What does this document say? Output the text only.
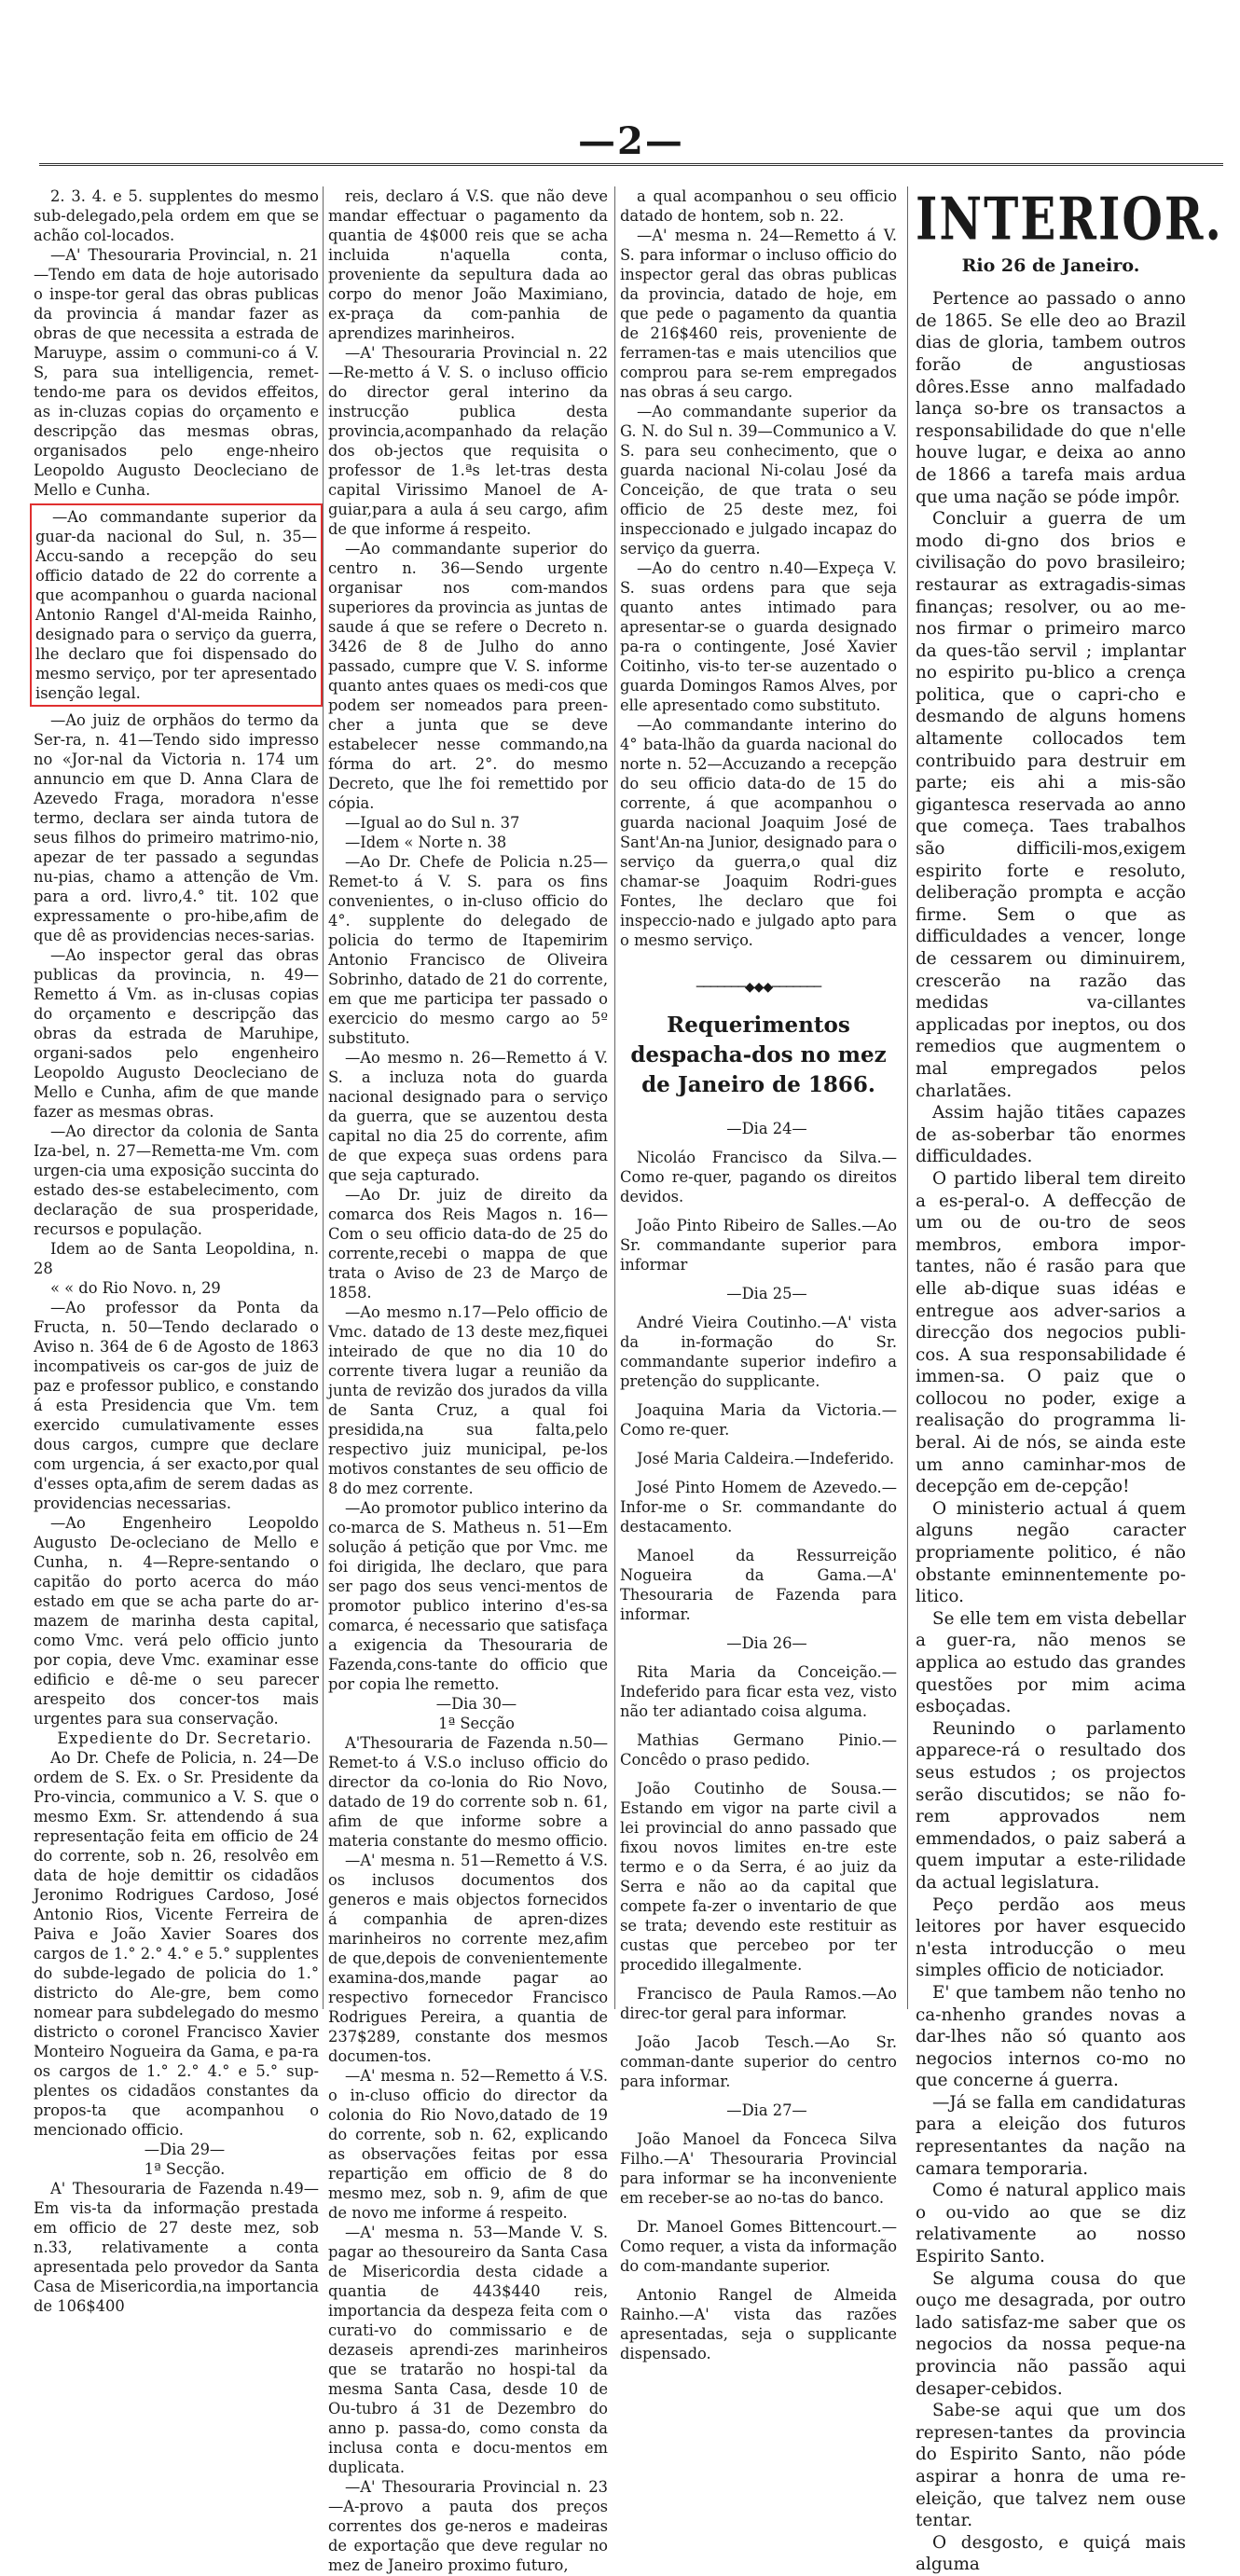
—2—

2. 3. 4. e 5. supplentes do mesmo sub-delegado,pela ordem em que se achão col-locados.

—A' Thesouraria Provincial, n. 21—Tendo em data de hoje autorisado o inspe-tor geral das obras publicas da provincia á mandar fazer as obras de que necessita a estrada de Maruype, assim o communi-co á V. S, para sua intelligencia, remet-tendo-me para os devidos effeitos, as in-cluzas copias do orçamento e descripção das mesmas obras, organisados pelo enge-nheiro Leopoldo Augusto Deocleciano de Mello e Cunha.

—Ao commandante superior da guar-da nacional do Sul, n. 35—Accu-sando a recepção do seu officio datado de 22 do corrente a que acompanhou o guarda nacional Antonio Rangel d'Al-meida Rainho, designado para o serviço da guerra, lhe declaro que foi dispensado do mesmo serviço, por ter apresentado isenção legal.

—Ao juiz de orphãos do termo da Ser-ra, n. 41—Tendo sido impresso no «Jor-nal da Victoria n. 174 um annuncio em que D. Anna Clara de Azevedo Fraga, moradora n'esse termo, declara ser ainda tutora de seus filhos do primeiro matrimo-nio, apezar de ter passado a segundas nu-pias, chamo a attenção de Vm. para a ord. livro,4.° tit. 102 que expressamente o pro-hibe,afim de que dê as providencias neces-sarias.

—Ao inspector geral das obras publicas da provincia, n. 49—Remetto á Vm. as in-clusas copias do orçamento e descripção das obras da estrada de Maruhipe, organi-sados pelo engenheiro Leopoldo Augusto Deocleciano de Mello e Cunha, afim de que mande fazer as mesmas obras.

—Ao director da colonia de Santa Iza-bel, n. 27—Remetta-me Vm. com urgen-cia uma exposição succinta do estado des-se estabelecimento, com declaração de sua prosperidade, recursos e população.

Idem ao de Santa Leopoldina, n. 28

« « do Rio Novo. n, 29

—Ao professor da Ponta da Fructa, n. 50—Tendo declarado o Aviso n. 364 de 6 de Agosto de 1863 incompativeis os car-gos de juiz de paz e professor publico, e constando á esta Presidencia que Vm. tem exercido cumulativamente esses dous cargos, cumpre que declare com urgencia, á ser exacto,por qual d'esses opta,afim de serem dadas as providencias necessarias.

—Ao Engenheiro Leopoldo Augusto De-ocleciano de Mello e Cunha, n. 4—Repre-sentando o capitão do porto acerca do máo estado em que se acha parte do ar-mazem de marinha desta capital, como Vmc. verá pelo officio junto por copia, deve Vmc. examinar esse edificio e dê-me o seu parecer arespeito dos concer-tos mais urgentes para sua conservação.

Expediente do Dr. Secretario.

Ao Dr. Chefe de Policia, n. 24—De ordem de S. Ex. o Sr. Presidente da Pro-vincia, communico a V. S. que o mesmo Exm. Sr. attendendo á sua representação feita em officio de 24 do corrente, sob n. 26, resolvêo em data de hoje demittir os cidadãos Jeronimo Rodrigues Cardoso, José Antonio Rios, Vicente Ferreira de Paiva e João Xavier Soares dos cargos de 1.° 2.° 4.° e 5.° supplentes do subde-legado de policia do 1.° districto do Ale-gre, bem como nomear para subdelegado do mesmo districto o coronel Francisco Xavier Monteiro Nogueira da Gama, e pa-ra os cargos de 1.° 2.° 4.° e 5.° sup-plentes os cidadãos constantes da propos-ta que acompanhou o mencionado officio.

—Dia 29—

1ª Secção.

A' Thesouraria de Fazenda n.49—Em vis-ta da informação prestada em officio de 27 deste mez, sob n.33, relativamente a conta apresentada pelo provedor da Santa Casa de Misericordia,na importancia de 106$400

reis, declaro á V.S. que não deve mandar effectuar o pagamento da quantia de 4$000 reis que se acha incluida n'aquella conta, proveniente da sepultura dada ao corpo do menor João Maximiano, ex-praça da com-panhia de aprendizes marinheiros.

—A' Thesouraria Provincial n. 22—Re-metto á V. S. o incluso officio do director geral interino da instrucção publica desta provincia,acompanhado da relação dos ob-jectos que requisita o professor de 1.ªs let-tras desta capital Virissimo Manoel de A-guiar,para a aula á seu cargo, afim de que informe á respeito.

—Ao commandante superior do centro n. 36—Sendo urgente organisar nos com-mandos superiores da provincia as juntas de saude á que se refere o Decreto n. 3426 de 8 de Julho do anno passado, cumpre que V. S. informe quanto antes quaes os medi-cos que podem ser nomeados para preen-cher a junta que se deve estabelecer nesse commando,na fórma do art. 2°. do mesmo Decreto, que lhe foi remettido por cópia.

—Igual ao do Sul n. 37

—Idem « Norte n. 38

—Ao Dr. Chefe de Policia n.25—Remet-to á V. S. para os fins convenientes, o in-cluso officio do 4°. supplente do delegado de policia do termo de Itapemirim Antonio Francisco de Oliveira Sobrinho, datado de 21 do corrente, em que me participa ter passado o exercicio do mesmo cargo ao 5º substituto.

—Ao mesmo n. 26—Remetto á V. S. a incluza nota do guarda nacional designado para o serviço da guerra, que se auzentou desta capital no dia 25 do corrente, afim de que expeça suas ordens para que seja capturado.

—Ao Dr. juiz de direito da comarca dos Reis Magos n. 16—Com o seu officio data-do de 25 do corrente,recebi o mappa de que trata o Aviso de 23 de Março de 1858.

—Ao mesmo n.17—Pelo officio de Vmc. datado de 13 deste mez,fiquei inteirado de que no dia 10 do corrente tivera lugar a reunião da junta de revizão dos jurados da villa de Santa Cruz, a qual foi presidida,na sua falta,pelo respectivo juiz municipal, pe-los motivos constantes de seu officio de 8 do mez corrente.

—Ao promotor publico interino da co-marca de S. Matheus n. 51—Em solução á petição que por Vmc. me foi dirigida, lhe declaro, que para ser pago dos seus venci-mentos de promotor publico interino d'es-sa comarca, é necessario que satisfaça a exigencia da Thesouraria de Fazenda,cons-tante do officio que por copia lhe remetto.

—Dia 30—

1ª Secção

A'Thesouraria de Fazenda n.50—Remet-to á V.S.o incluso officio do director da co-lonia do Rio Novo, datado de 19 do corrente sob n. 61, afim de que informe sobre a materia constante do mesmo officio.

—A' mesma n. 51—Remetto á V.S. os inclusos documentos dos generos e mais objectos fornecidos á companhia de apren-dizes marinheiros no corrente mez,afim de que,depois de convenientemente examina-dos,mande pagar ao respectivo fornecedor Francisco Rodrigues Pereira, a quantia de 237$289, constante dos mesmos documen-tos.

—A' mesma n. 52—Remetto á V.S. o in-cluso officio do director da colonia do Rio Novo,datado de 19 do corrente, sob n. 62, explicando as observações feitas por essa repartição em officio de 8 do mesmo mez, sob n. 9, afim de que de novo me informe á respeito.

—A' mesma n. 53—Mande V. S. pagar ao thesoureiro da Santa Casa de Misericordia desta cidade a quantia de 443$440 reis, importancia da despeza feita com o curati-vo do commissario e de dezaseis aprendi-zes marinheiros que se tratarão no hospi-tal da mesma Santa Casa, desde 10 de Ou-tubro á 31 de Dezembro do anno p. passa-do, como consta da inclusa conta e docu-mentos em duplicata.

—A' Thesouraria Provincial n. 23—A-provo a pauta dos preços correntes dos ge-neros e madeiras de exportação que deve regular no mez de Janeiro proximo futuro,

a qual acompanhou o seu officio datado de hontem, sob n. 22.

—A' mesma n. 24—Remetto á V. S. para informar o incluso officio do inspector geral das obras publicas da provincia, datado de hoje, em que pede o pagamento da quantia de 216$460 reis, proveniente de ferramen-tas e mais utencilios que comprou para se-rem empregados nas obras á seu cargo.

—Ao commandante superior da G. N. do Sul n. 39—Communico a V. S. para seu conhecimento, que o guarda nacional Ni-colau José da Conceição, de que trata o seu officio de 25 deste mez, foi inspeccionado e julgado incapaz do serviço da guerra.

—Ao do centro n.40—Expeça V. S. suas ordens para que seja quanto antes intimado para apresentar-se o guarda designado pa-ra o contingente, José Xavier Coitinho, vis-to ter-se auzentado o guarda Domingos Ramos Alves, por elle apresentado como substituto.

—Ao commandante interino do 4° bata-lhão da guarda nacional do norte n. 52—Accuzando a recepção do seu officio data-do de 15 do corrente, á que acompanhou o guarda nacional Joaquim José de Sant'An-na Junior, designado para o serviço da guerra,o qual diz chamar-se Joaquim Rodri-gues Fontes, lhe declaro que foi inspeccio-nado e julgado apto para o mesmo serviço.

───────◆◆◆───────
Requerimentos despacha-dos no mez de Janeiro de 1866.

—Dia 24—

Nicoláo Francisco da Silva.—Como re-quer, pagando os direitos devidos.

João Pinto Ribeiro de Salles.—Ao Sr. commandante superior para informar

—Dia 25—

André Vieira Coutinho.—A' vista da in-formação do Sr. commandante superior indefiro a pretenção do supplicante.

Joaquina Maria da Victoria.—Como re-quer.

José Maria Caldeira.—Indeferido.

José Pinto Homem de Azevedo.—Infor-me o Sr. commandante do destacamento.

Manoel da Ressurreição Nogueira da Gama.—A' Thesouraria de Fazenda para informar.

—Dia 26—

Rita Maria da Conceição.—Indeferido para ficar esta vez, visto não ter adiantado coisa alguma.

Mathias Germano Pinio.—Concêdo o praso pedido.

João Coutinho de Sousa.—Estando em vigor na parte civil a lei provincial do anno passado que fixou novos limites en-tre este termo e o da Serra, é ao juiz da Serra e não ao da capital que compete fa-zer o inventario de que se trata; devendo este restituir as custas que percebeo por ter procedido illegalmente.

Francisco de Paula Ramos.—Ao direc-tor geral para informar.

João Jacob Tesch.—Ao Sr. comman-dante superior do centro para informar.

—Dia 27—

João Manoel da Fonceca Silva Filho.—A' Thesouraria Provincial para informar se ha inconveniente em receber-se ao no-tas do banco.

Dr. Manoel Gomes Bittencourt.—Como requer, a vista da informação do com-mandante superior.

Antonio Rangel de Almeida Rainho.—A' vista das razões apresentadas, seja o supplicante dispensado.

INTERIOR.
Rio 26 de Janeiro.

Pertence ao passado o anno de 1865. Se elle deo ao Brazil dias de gloria, tambem outros forão de angustiosas dôres.Esse anno malfadado lança so-bre os transactos a responsabilidade do que n'elle houve lugar, e deixa ao anno de 1866 a tarefa mais ardua que uma nação se póde impôr.

Concluir a guerra de um modo di-gno dos brios e civilisação do povo brasileiro; restaurar as extragadis-simas finanças; resolver, ou ao me-nos firmar o primeiro marco da ques-tão servil ; implantar no espirito pu-blico a crença politica, que o capri-cho e desmando de alguns homens altamente collocados tem contribuido para destruir em parte; eis ahi a mis-são gigantesca reservada ao anno que começa. Taes trabalhos são difficili-mos,exigem espirito forte e resoluto, deliberação prompta e acção firme. Sem o que as difficuldades a vencer, longe de cessarem ou diminuirem, crescerão na razão das medidas va-cillantes applicadas por ineptos, ou dos remedios que augmentem o mal empregados pelos charlatães.

Assim hajão titães capazes de as-soberbar tão enormes difficuldades.

O partido liberal tem direito a es-peral-o. A deffecção de um ou de ou-tro de seos membros, embora impor-tantes, não é rasão para que elle ab-dique suas idéas e entregue aos adver-sarios a direcção dos negocios publi-cos. A sua responsabilidade é immen-sa. O paiz que o collocou no poder, exige a realisação do programma li-beral. Ai de nós, se ainda este um anno caminhar-mos de decepção em de-cepção!

O ministerio actual á quem alguns negão caracter propriamente politico, é não obstante eminnentemente po-litico.

Se elle tem em vista debellar a guer-ra, não menos se applica ao estudo das grandes questões por mim acima esboçadas.

Reunindo o parlamento apparece-rá o resultado dos seus estudos ; os projectos serão discutidos; se não fo-rem approvados nem emmendados, o paiz saberá a quem imputar a este-rilidade da actual legislatura.

Peço perdão aos meus leitores por haver esquecido n'esta introducção o meu simples officio de noticiador.

E' que tambem não tenho no ca-nhenho grandes novas a dar-lhes não só quanto aos negocios internos co-mo no que concerne á guerra.

—Já se falla em candidaturas para a eleição dos futuros representantes da nação na camara temporaria.

Como é natural applico mais o ou-vido ao que se diz relativamente ao nosso Espirito Santo.

Se alguma cousa do que ouço me desagrada, por outro lado satisfaz-me saber que os negocios da nossa peque-na provincia não passão aqui desaper-cebidos.

Sabe-se aqui que um dos represen-tantes da provincia do Espirito Santo, não póde aspirar a honra de uma re-eleição, que talvez nem ouse tentar.

O desgosto, e quiçá mais alguma
